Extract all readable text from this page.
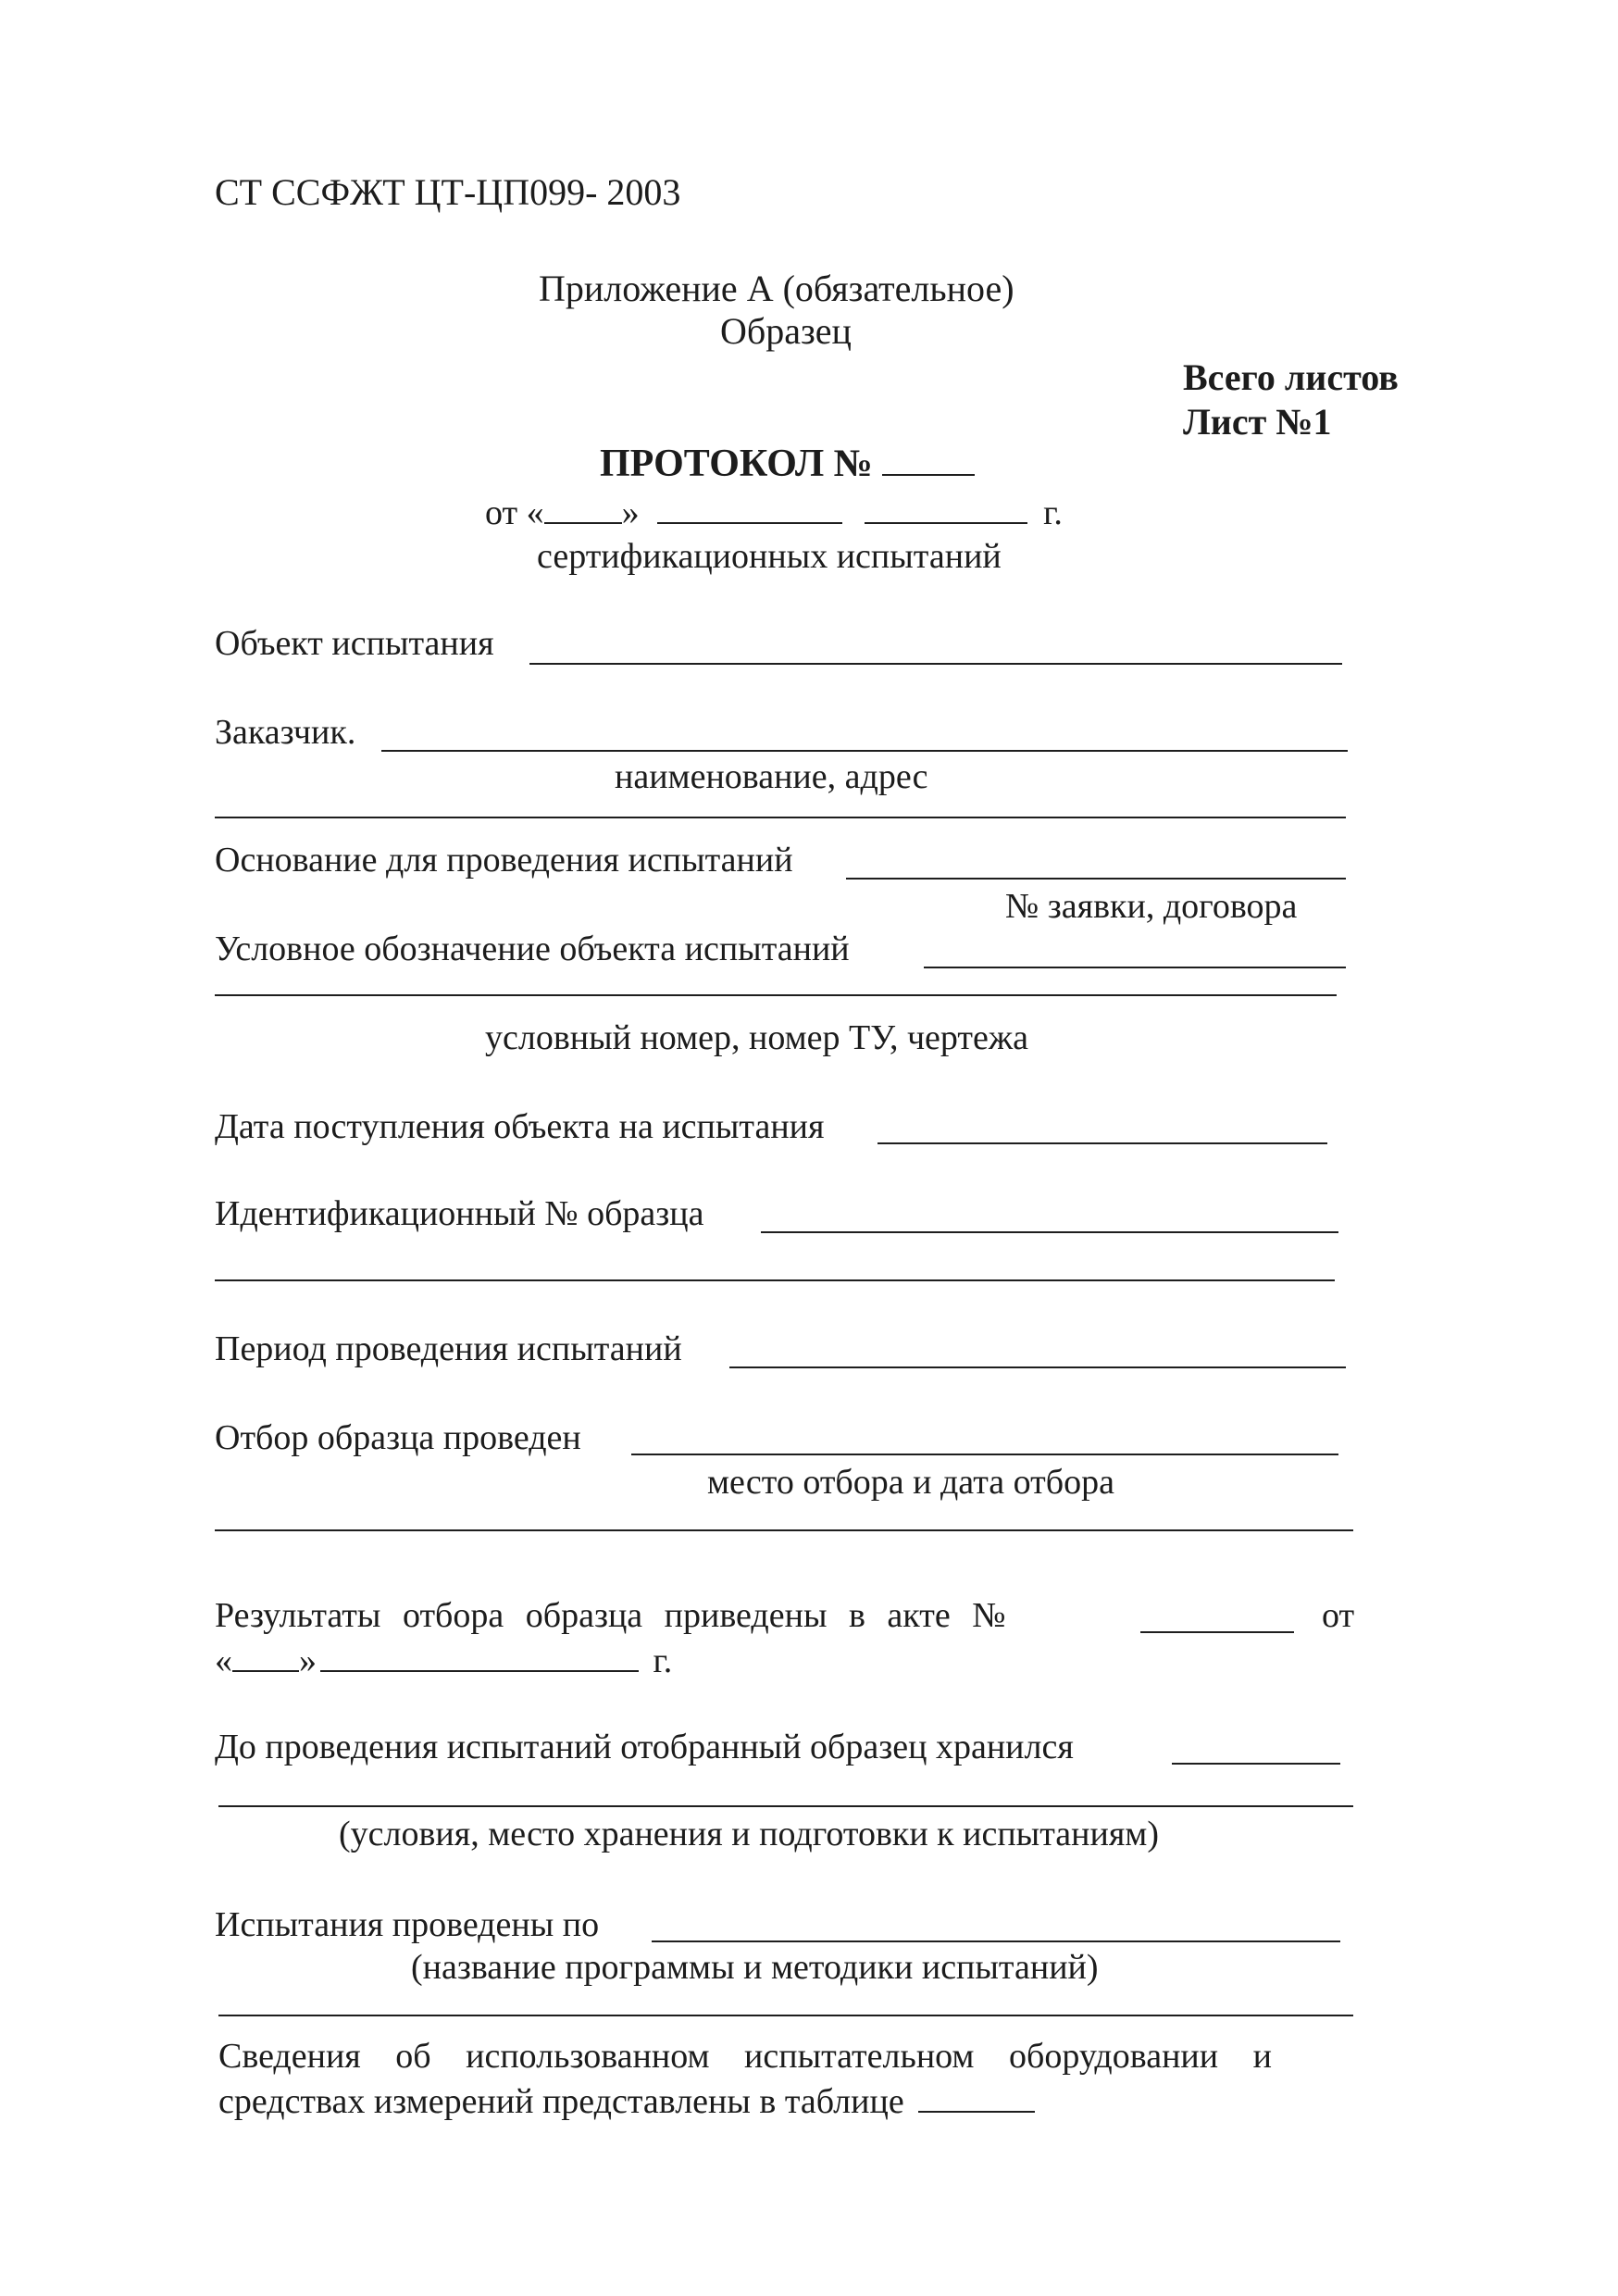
СТ ССФЖТ ЦТ-ЦП099- 2003
Приложение А (обязательное)
Образец
Всего листов
Лист №1
ПРОТОКОЛ №
от « »	г.
сертификационных испытаний
Объект испытания
Заказчик.
наименование, адрес
Основание для проведения испытаний
№ заявки, договора
Условное обозначение объекта испытаний
условный номер, номер ТУ, чертежа
Дата поступления объекта на испытания
Идентификационный № образца
Период проведения испытаний
Отбор образца проведен
место отбора и дата отбора
Результаты отбора образца приведены в акте №	от
« »	г.
До проведения испытаний отобранный образец хранился
(условия, место хранения и подготовки к испытаниям)
Испытания проведены по
(название программы и методики испытаний)
Сведения об использованном испытательном оборудовании и
средствах измерений представлены в таблице
